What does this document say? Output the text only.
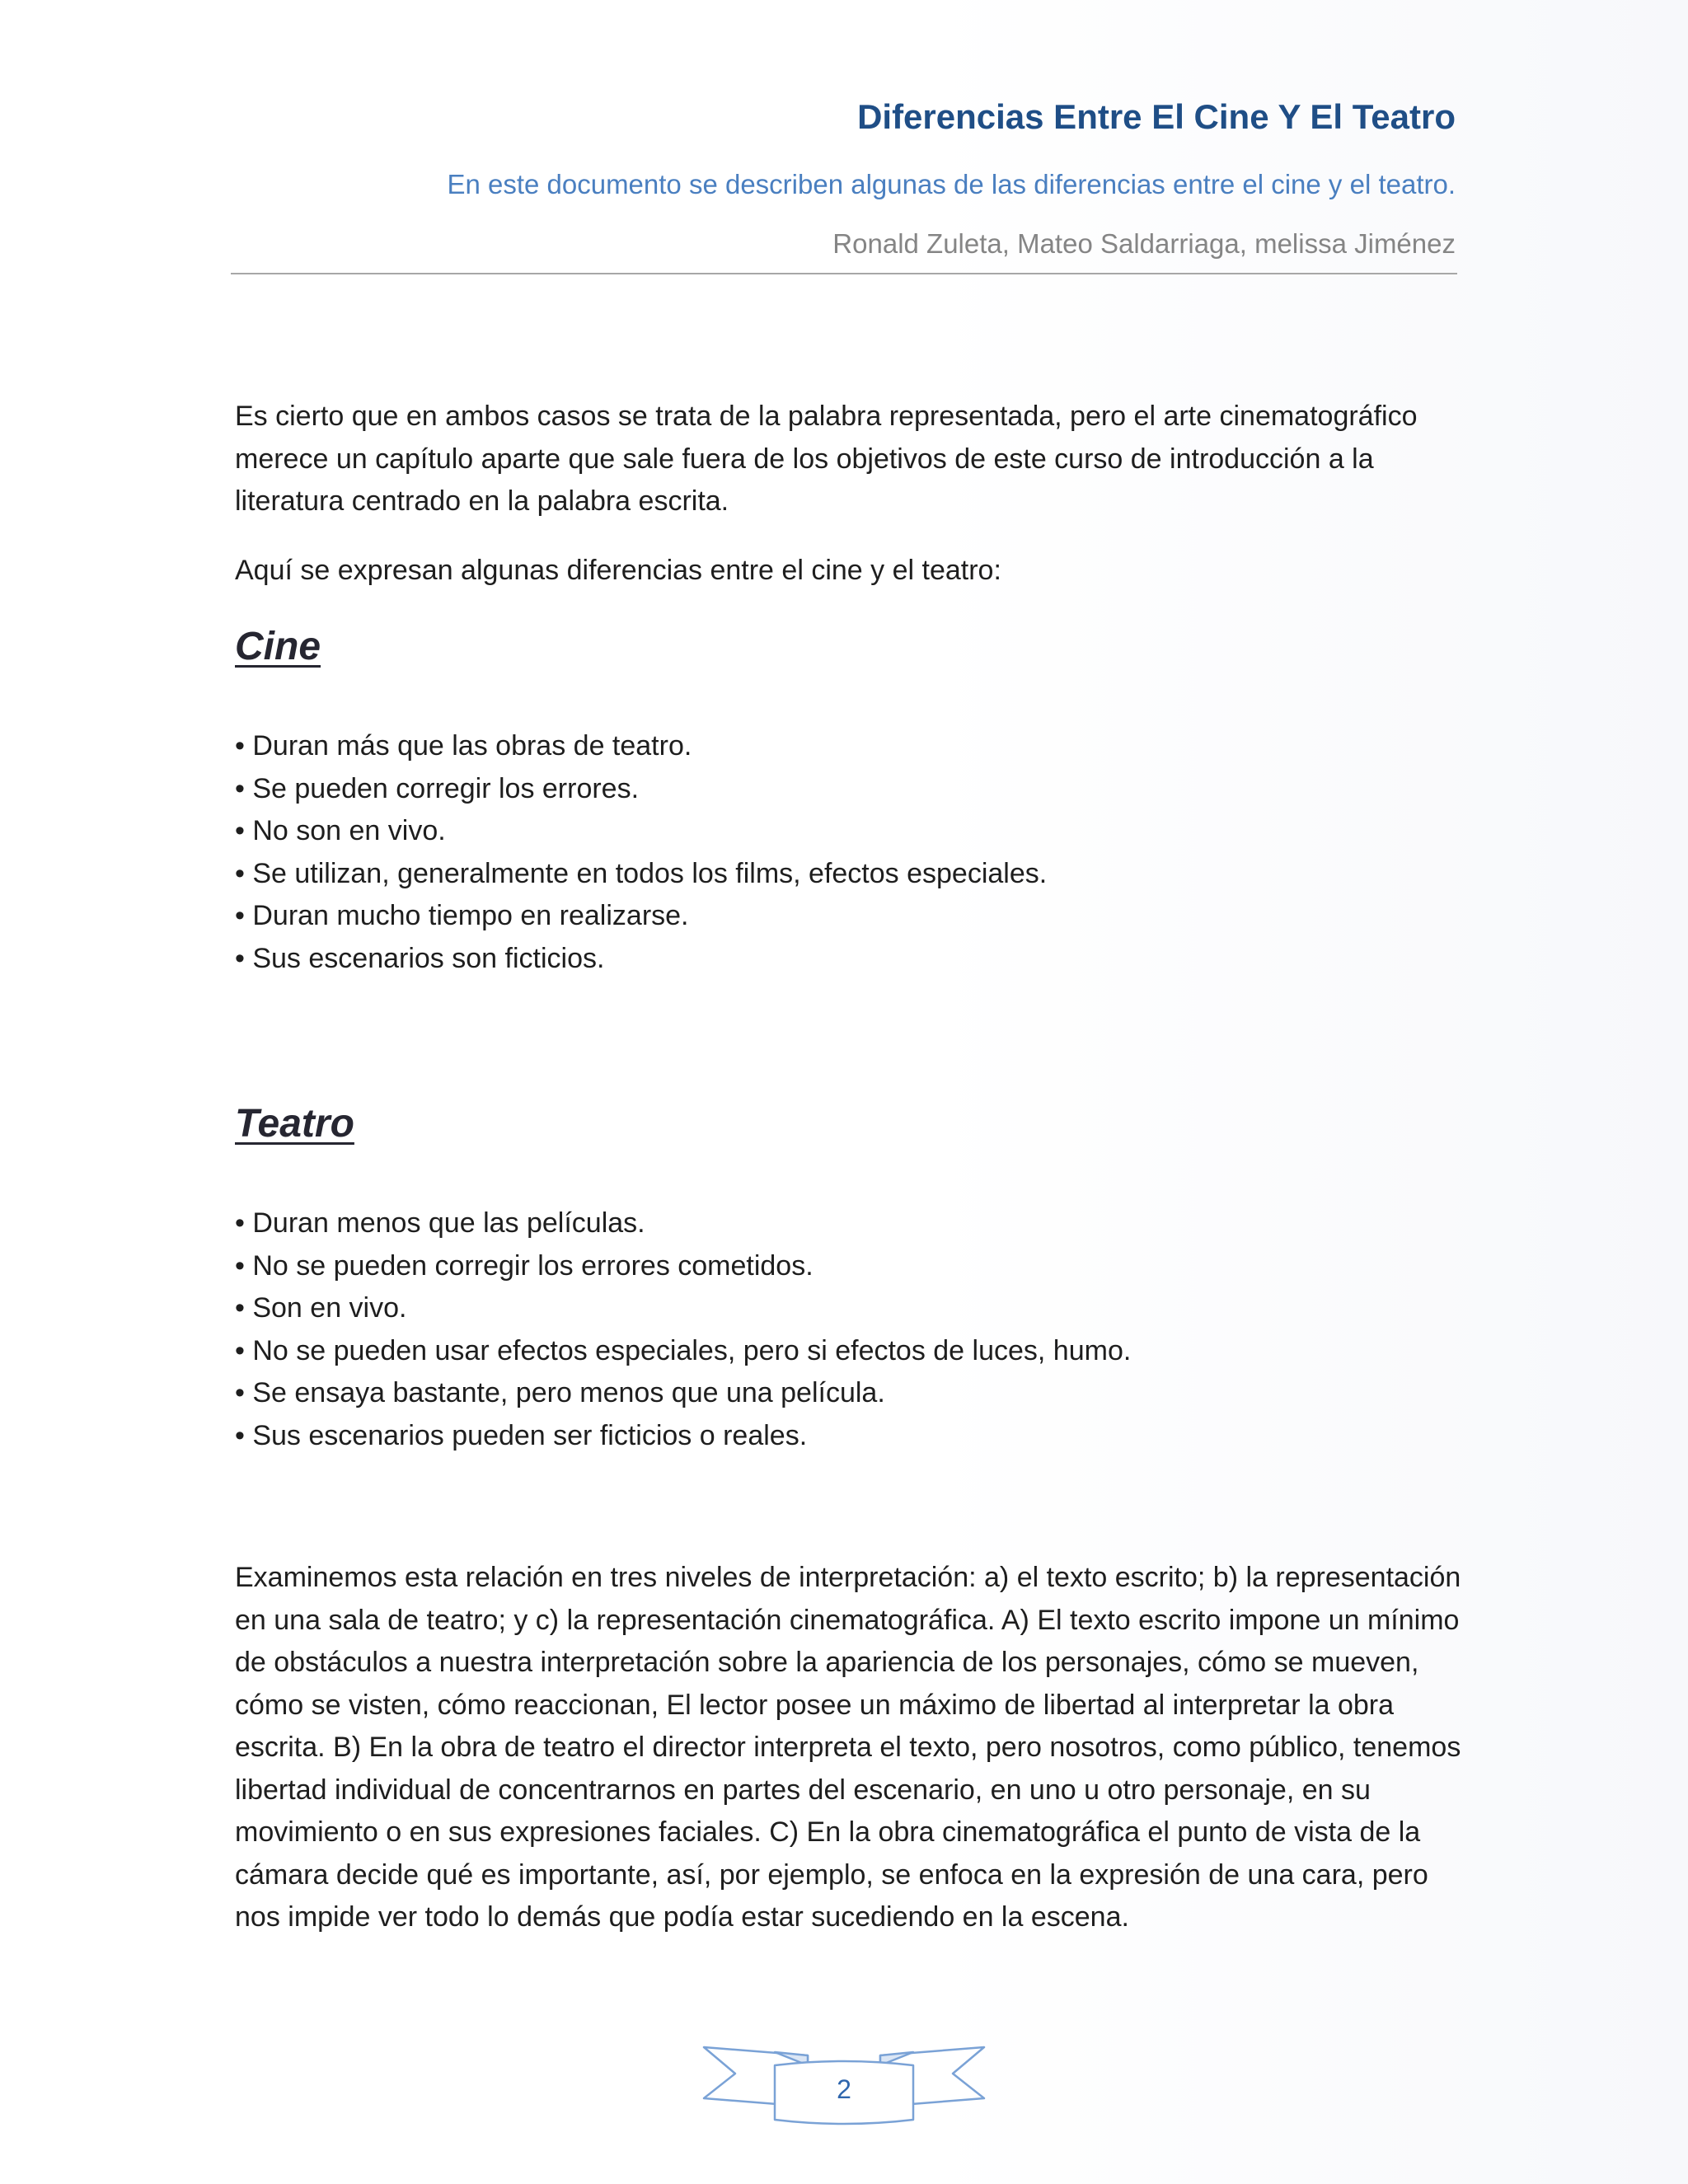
Diferencias Entre El Cine Y El Teatro
En este documento se describen algunas de las diferencias entre el cine y el teatro.
Ronald Zuleta, Mateo Saldarriaga, melissa Jiménez

Es cierto que en ambos casos se trata de la palabra representada, pero el arte cinematográfico merece un capítulo aparte que sale fuera de los objetivos de este curso de introducción a la literatura centrado en la palabra escrita.

Aquí se expresan algunas diferencias entre el cine y el teatro:

Cine
• Duran más que las obras de teatro.
• Se pueden corregir los errores.
• No son en vivo.
• Se utilizan, generalmente en todos los films, efectos especiales.
• Duran mucho tiempo en realizarse.
• Sus escenarios son ficticios.
Teatro
• Duran menos que las películas.
• No se pueden corregir los errores cometidos.
• Son en vivo.
• No se pueden usar efectos especiales, pero si efectos de luces, humo.
• Se ensaya bastante, pero menos que una película.
• Sus escenarios pueden ser ficticios o reales.

Examinemos esta relación en tres niveles de interpretación: a) el texto escrito; b) la representación en una sala de teatro; y c) la representación cinematográfica. A) El texto escrito impone un mínimo de obstáculos a nuestra interpretación sobre la apariencia de los personajes, cómo se mueven, cómo se visten, cómo reaccionan, El lector posee un máximo de libertad al interpretar la obra escrita. B) En la obra de teatro el director interpreta el texto, pero nosotros, como público, tenemos libertad individual de concentrarnos en partes del escenario, en uno u otro personaje, en su movimiento o en sus expresiones faciales. C) En la obra cinematográfica el punto de vista de la cámara decide qué es importante, así, por ejemplo, se enfoca en la expresión de una cara, pero nos impide ver todo lo demás que podía estar sucediendo en la escena.

2
